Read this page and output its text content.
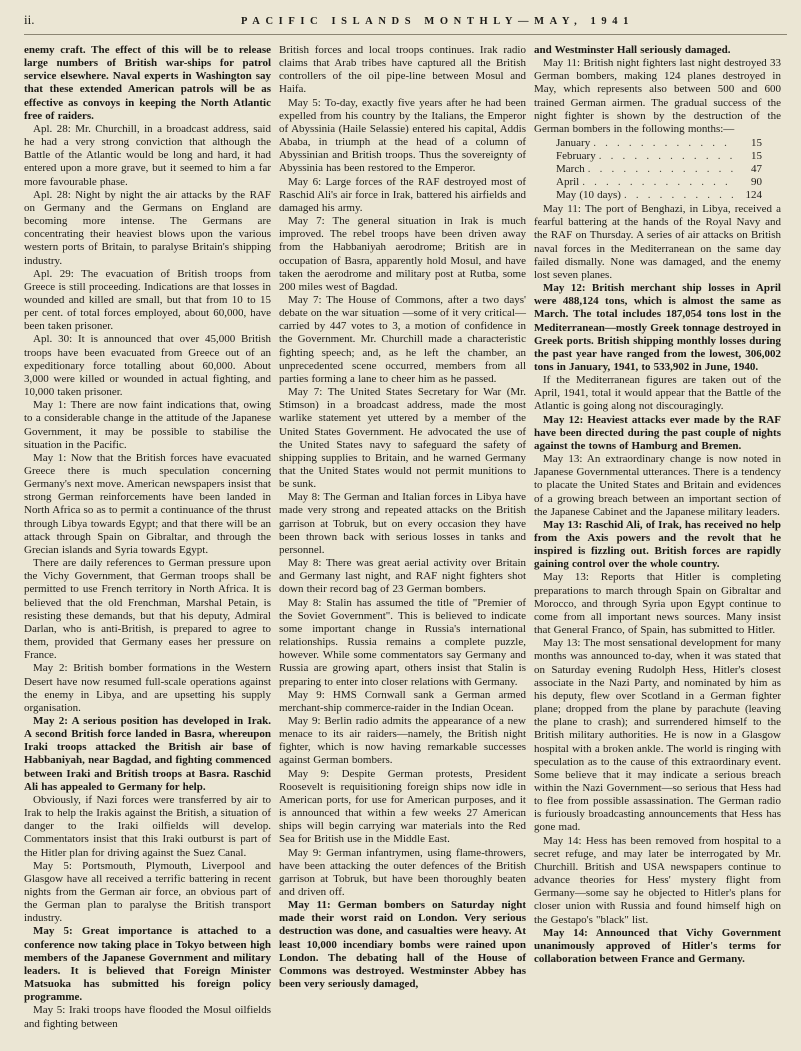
ii.	PACIFIC ISLANDS MONTHLY—MAY, 1941

enemy craft. The effect of this will be to release large numbers of British war-ships for patrol service elsewhere. Naval experts in Washington say that these extended American patrols will be as effective as convoys in keeping the North Atlantic free of raiders.

Apl. 28: Mr. Churchill, in a broadcast address, said he had a very strong conviction that although the Battle of the Atlantic would be long and hard, it had entered upon a more grave, but it seemed to him a far more favourable phase.

Apl. 28: Night by night the air attacks by the RAF on Germany and the Germans on England are becoming more intense. The Germans are concentrating their heaviest blows upon the various western ports of Britain, to paralyse Britain's shipping industry.

Apl. 29: The evacuation of British troops from Greece is still proceeding. Indications are that losses in wounded and killed are small, but that from 10 to 15 per cent. of total forces employed, about 60,000, have been taken prisoner.

Apl. 30: It is announced that over 45,000 British troops have been evacuated from Greece out of an expeditionary force totalling about 60,000. About 3,000 were killed or wounded in actual fighting, and 10,000 taken prisoner.

May 1: There are now faint indications that, owing to a considerable change in the attitude of the Japanese Government, it may be possible to stabilise the situation in the Pacific.

May 1: Now that the British forces have evacuated Greece there is much speculation concerning Germany's next move. American newspapers insist that strong German reinforcements have been landed in North Africa so as to permit a continuance of the thrust through Libya towards Egypt; and that there will be an attack through Spain on Gibraltar, and through the Grecian islands and Syria towards Egypt.

There are daily references to German pressure upon the Vichy Government, that German troops shall be permitted to use French territory in North Africa. It is believed that the old Frenchman, Marshal Petain, is resisting these demands, but that his deputy, Admiral Darlan, who is anti-British, is prepared to agree to them, provided that Germany eases her pressure on France.

May 2: British bomber formations in the Western Desert have now resumed full-scale operations against the enemy in Libya, and are upsetting his supply organisation.

May 2: A serious position has developed in Irak. A second British force landed in Basra, whereupon Iraki troops attacked the British air base of Habbaniyah, near Bagdad, and fighting commenced between Iraki and British troops at Basra. Raschid Ali has appealed to Germany for help.

Obviously, if Nazi forces were transferred by air to Irak to help the Irakis against the British, a situation of danger to the Iraki oilfields will develop. Commentators insist that this Iraki outburst is part of the Hitler plan for driving against the Suez Canal.

May 5: Portsmouth, Plymouth, Liverpool and Glasgow have all received a terrific battering in recent nights from the German air force, an obvious part of the German plan to paralyse the British transport industry.

May 5: Great importance is attached to a conference now taking place in Tokyo between high members of the Japanese Government and military leaders. It is believed that Foreign Minister Matsuoka has submitted his foreign policy programme.

May 5: Iraki troops have flooded the Mosul oilfields and fighting between

British forces and local troops continues. Irak radio claims that Arab tribes have captured all the British controllers of the oil pipe-line between Mosul and Haifa.

May 5: To-day, exactly five years after he had been expelled from his country by the Italians, the Emperor of Abyssinia (Haile Selassie) entered his capital, Addis Ababa, in triumph at the head of a column of Abyssinian and British troops. Thus the sovereignty of Abyssinia has been restored to the Emperor.

May 6: Large forces of the RAF destroyed most of Raschid Ali's air force in Irak, battered his airfields and damaged his army.

May 7: The general situation in Irak is much improved. The rebel troops have been driven away from the Habbaniyah aerodrome; British are in occupation of Basra, apparently hold Mosul, and have taken the aerodrome and military post at Rutba, some 200 miles west of Bagdad.

May 7: The House of Commons, after a two days' debate on the war situation —some of it very critical—carried by 447 votes to 3, a motion of confidence in the Government. Mr. Churchill made a characteristic fighting speech; and, as he left the chamber, an unprecedented scene occurred, members from all parties forming a lane to cheer him as he passed.

May 7: The United States Secretary for War (Mr. Stimson) in a broadcast address, made the most warlike statement yet uttered by a member of the United States Government. He advocated the use of the United States navy to safeguard the safety of shipping supplies to Britain, and he warned Germany that the United States would not permit munitions to be sunk.

May 8: The German and Italian forces in Libya have made very strong and repeated attacks on the British garrison at Tobruk, but on every occasion they have been thrown back with serious losses in tanks and personnel.

May 8: There was great aerial activity over Britain and Germany last night, and RAF night fighters shot down their record bag of 23 German bombers.

May 8: Stalin has assumed the title of "Premier of the Soviet Government". This is believed to indicate some important change in Russia's international relationships. Russia remains a complete puzzle, however. While some commentators say Germany and Russia are growing apart, others insist that Stalin is preparing to enter into closer relations with Germany.

May 9: HMS Cornwall sank a German armed merchant-ship commerce-raider in the Indian Ocean.

May 9: Berlin radio admits the appearance of a new menace to its air raiders—namely, the British night fighter, which is now having remarkable successes against German bombers.

May 9: Despite German protests, President Roosevelt is requisitioning foreign ships now idle in American ports, for use for American purposes, and it is announced that within a few weeks 27 American ships will begin carrying war materials into the Red Sea for British use in the Middle East.

May 9: German infantrymen, using flame-throwers, have been attacking the outer defences of the British garrison at Tobruk, but have been thoroughly beaten and driven off.

May 11: German bombers on Saturday night made their worst raid on London. Very serious destruction was done, and casualties were heavy. At least 10,000 incendiary bombs were rained upon London. The debating hall of the House of Commons was destroyed. Westminster Abbey has been very seriously damaged,

and Westminster Hall seriously damaged.

May 11: British night fighters last night destroyed 33 German bombers, making 124 planes destroyed in May, which represents also between 500 and 600 trained German airmen. The gradual success of the night fighter is shown by the destruction of the German bombers in the following months:—

January . . .	15
February . . .	15
March . . .	47
April . . .	90
May (10 days) . . .	124

May 11: The port of Benghazi, in Libya, received a fearful battering at the hands of the Royal Navy and the RAF on Thursday. A series of air attacks on British naval forces in the Mediterranean on the same day failed dismally. None was damaged, and the enemy lost seven planes.

May 12: British merchant ship losses in April were 488,124 tons, which is almost the same as March. The total includes 187,054 tons lost in the Mediterranean—mostly Greek tonnage destroyed in Greek ports. British shipping monthly losses during the past year have ranged from the lowest, 306,002 tons in January, 1941, to 533,902 in June, 1940.

If the Mediterranean figures are taken out of the April, 1941, total it would appear that the Battle of the Atlantic is going along not discouragingly.

May 12: Heaviest attacks ever made by the RAF have been directed during the past couple of nights against the towns of Hamburg and Bremen.

May 13: An extraordinary change is now noted in Japanese Governmental utterances. There is a tendency to placate the United States and Britain and evidences of a growing breach between an important section of the Japanese Cabinet and the Japanese military leaders.

May 13: Raschid Ali, of Irak, has received no help from the Axis powers and the revolt that he inspired is fizzling out. British forces are rapidly gaining control over the whole country.

May 13: Reports that Hitler is completing preparations to march through Spain on Gibraltar and Morocco, and through Syria upon Egypt continue to come from all important news sources. Many insist that General Franco, of Spain, has submitted to Hitler.

May 13: The most sensational development for many months was announced to-day, when it was stated that on Saturday evening Rudolph Hess, Hitler's closest associate in the Nazi Party, and nominated by him as his deputy, flew over Scotland in a German fighter plane; dropped from the plane by parachute (leaving the plane to crash); and surrendered himself to the British military authorities. He is now in a Glasgow hospital with a broken ankle. The world is ringing with speculation as to the cause of this extraordinary event. Some believe that it may indicate a serious breach within the Nazi Government—so serious that Hess had to flee from possible assassination. The German radio is furiously broadcasting announcements that Hess has gone mad.

May 14: Hess has been removed from hospital to a secret refuge, and may later be interrogated by Mr. Churchill. British and USA newspapers continue to advance theories for Hess' mystery flight from Germany—some say he objected to Hitler's plans for closer union with Russia and found himself high on the Gestapo's "black" list.

May 14: Announced that Vichy Government unanimously approved of Hitler's terms for collaboration between France and Germany.
